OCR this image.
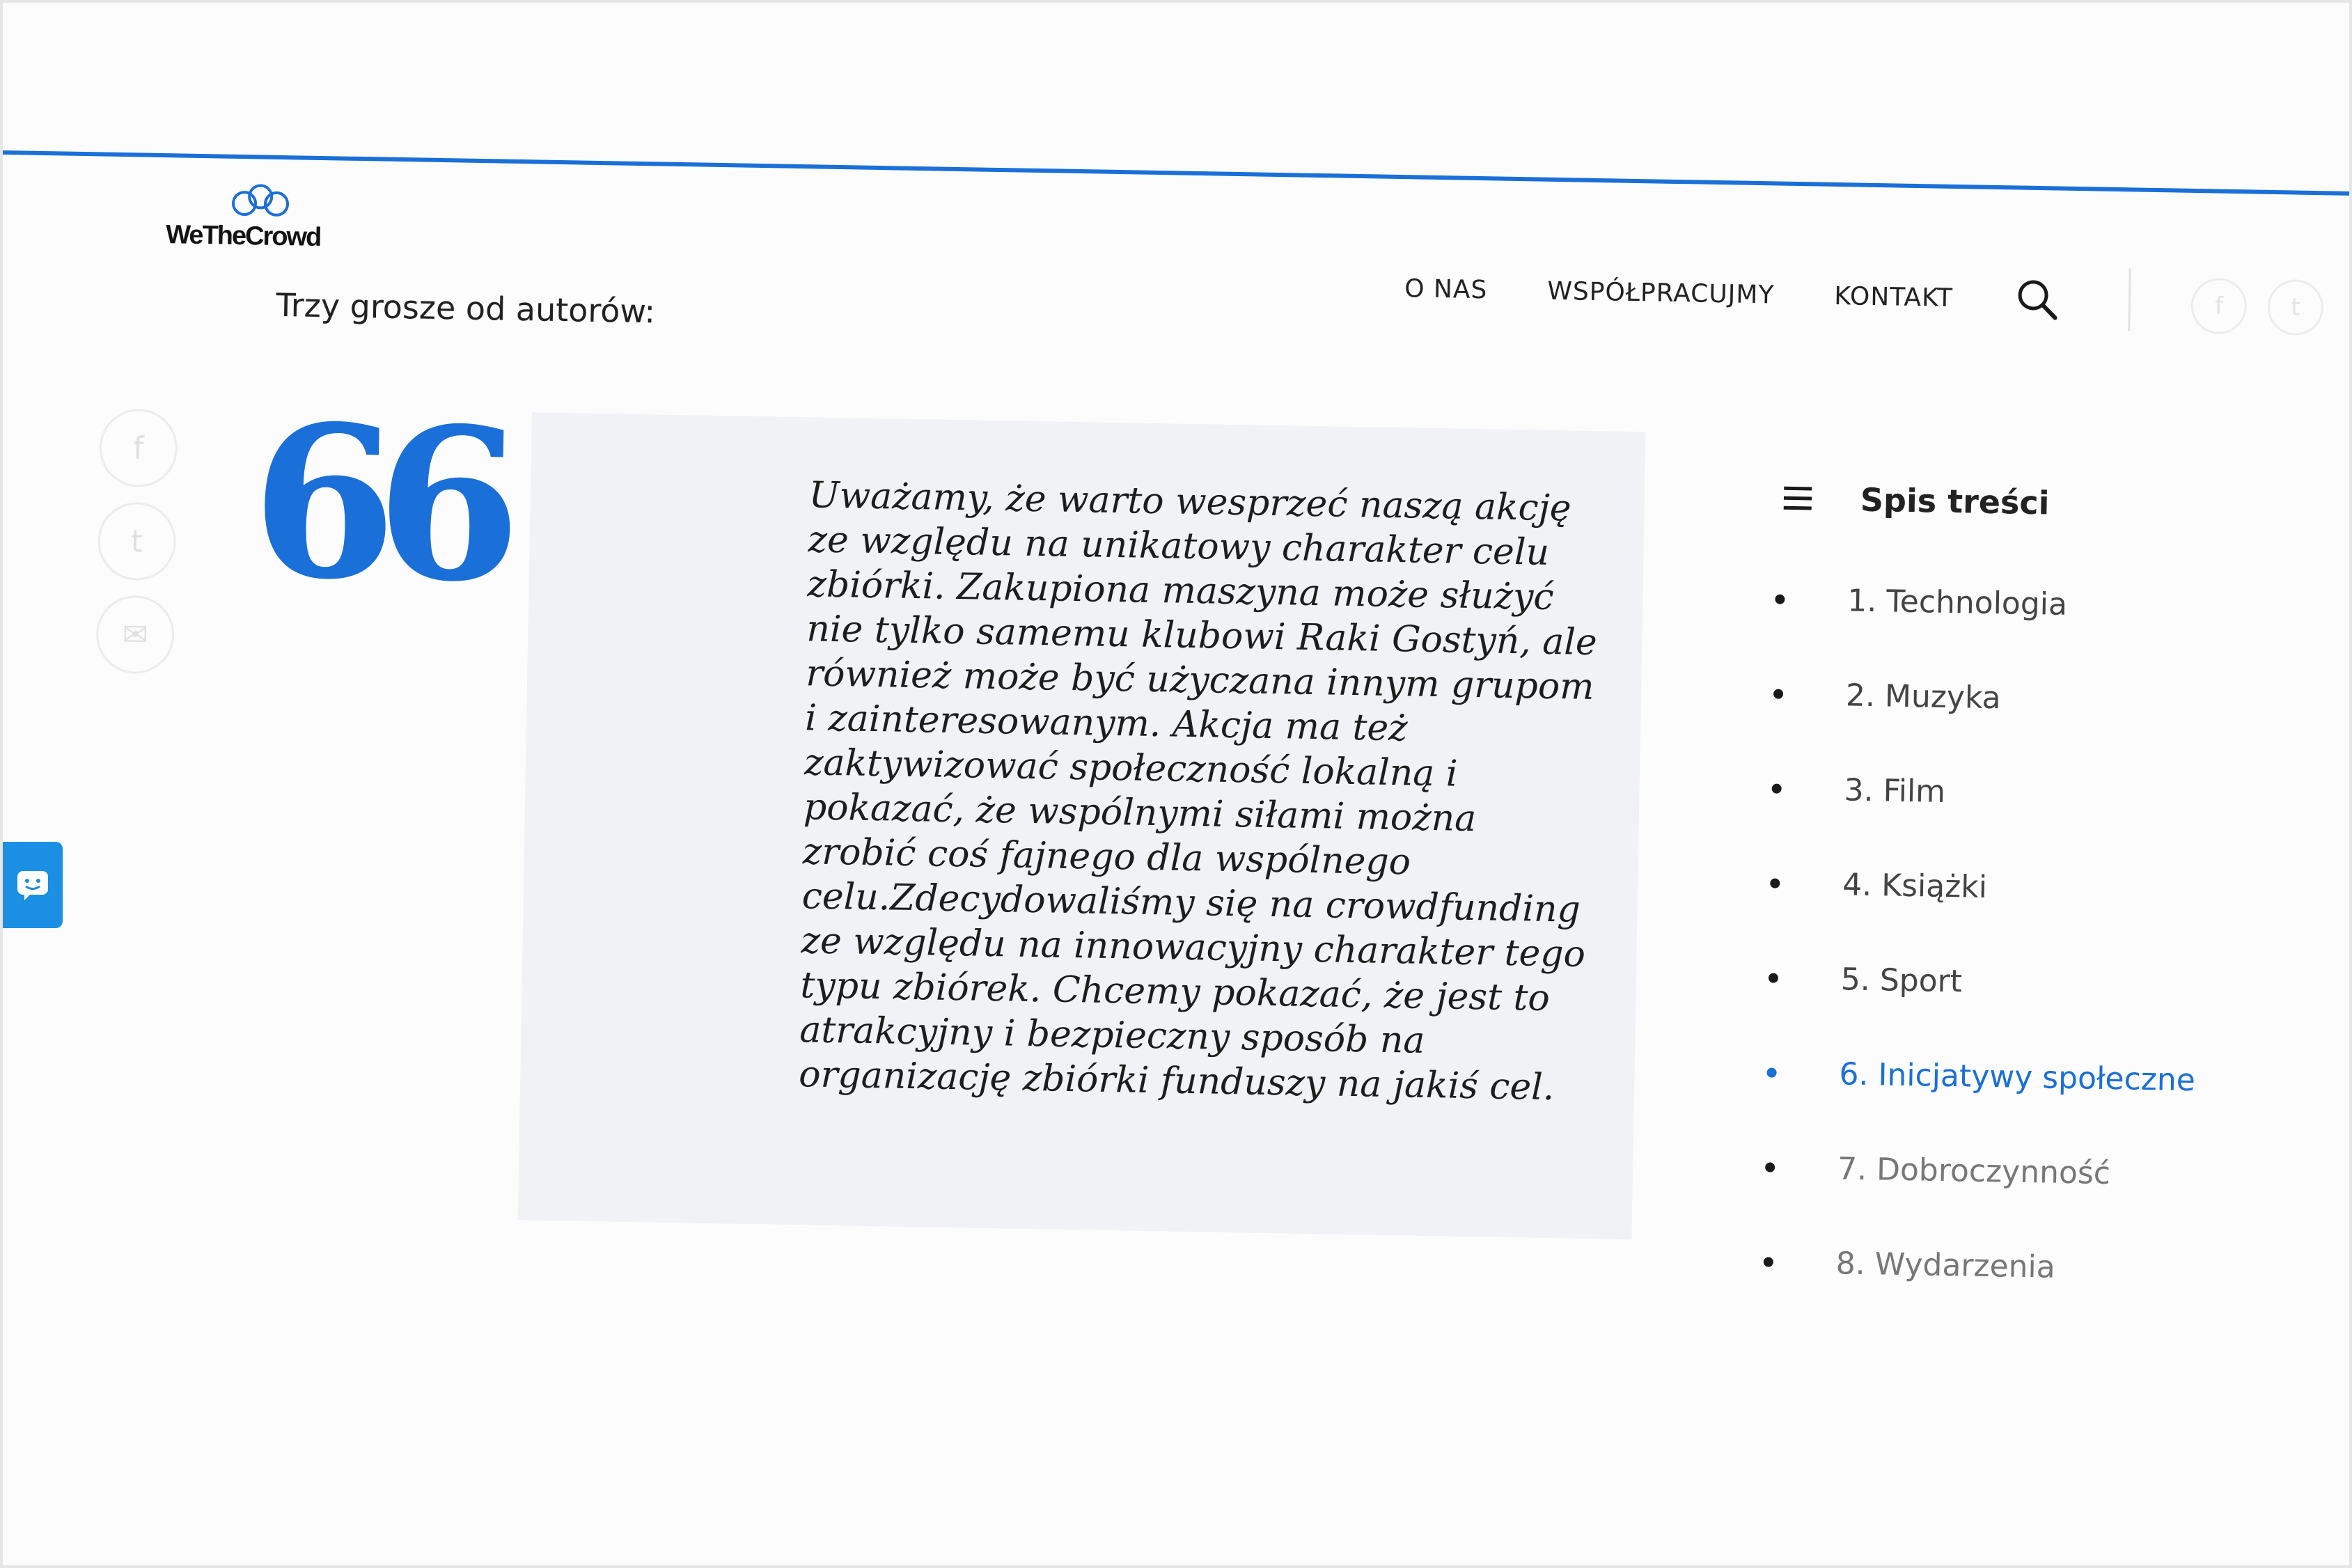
WeTheCrowd
Trzy grosze od autorów:	O NAS WSPÓŁPRACUJMY KONTAKT	f	t
f
t
✉
66	Uważamy, że warto wesprzeć naszą akcję ze względu na unikatowy charakter celu zbiórki. Zakupiona maszyna może służyć nie tylko samemu klubowi Raki Gostyń, ale również może być użyczana innym grupom i zainteresowanym. Akcja ma też zaktywizować społeczność lokalną i pokazać, że wspólnymi siłami można zrobić coś fajnego dla wspólnego celu.Zdecydowaliśmy się na crowdfunding ze względu na innowacyjny charakter tego typu zbiórek. Chcemy pokazać, że jest to atrakcyjny i bezpieczny sposób na organizację zbiórki funduszy na jakiś cel.
Spis treści
1. Technologia
2. Muzyka
3. Film
4. Książki
5. Sport
6. Inicjatywy społeczne
7. Dobroczynność
8. Wydarzenia
